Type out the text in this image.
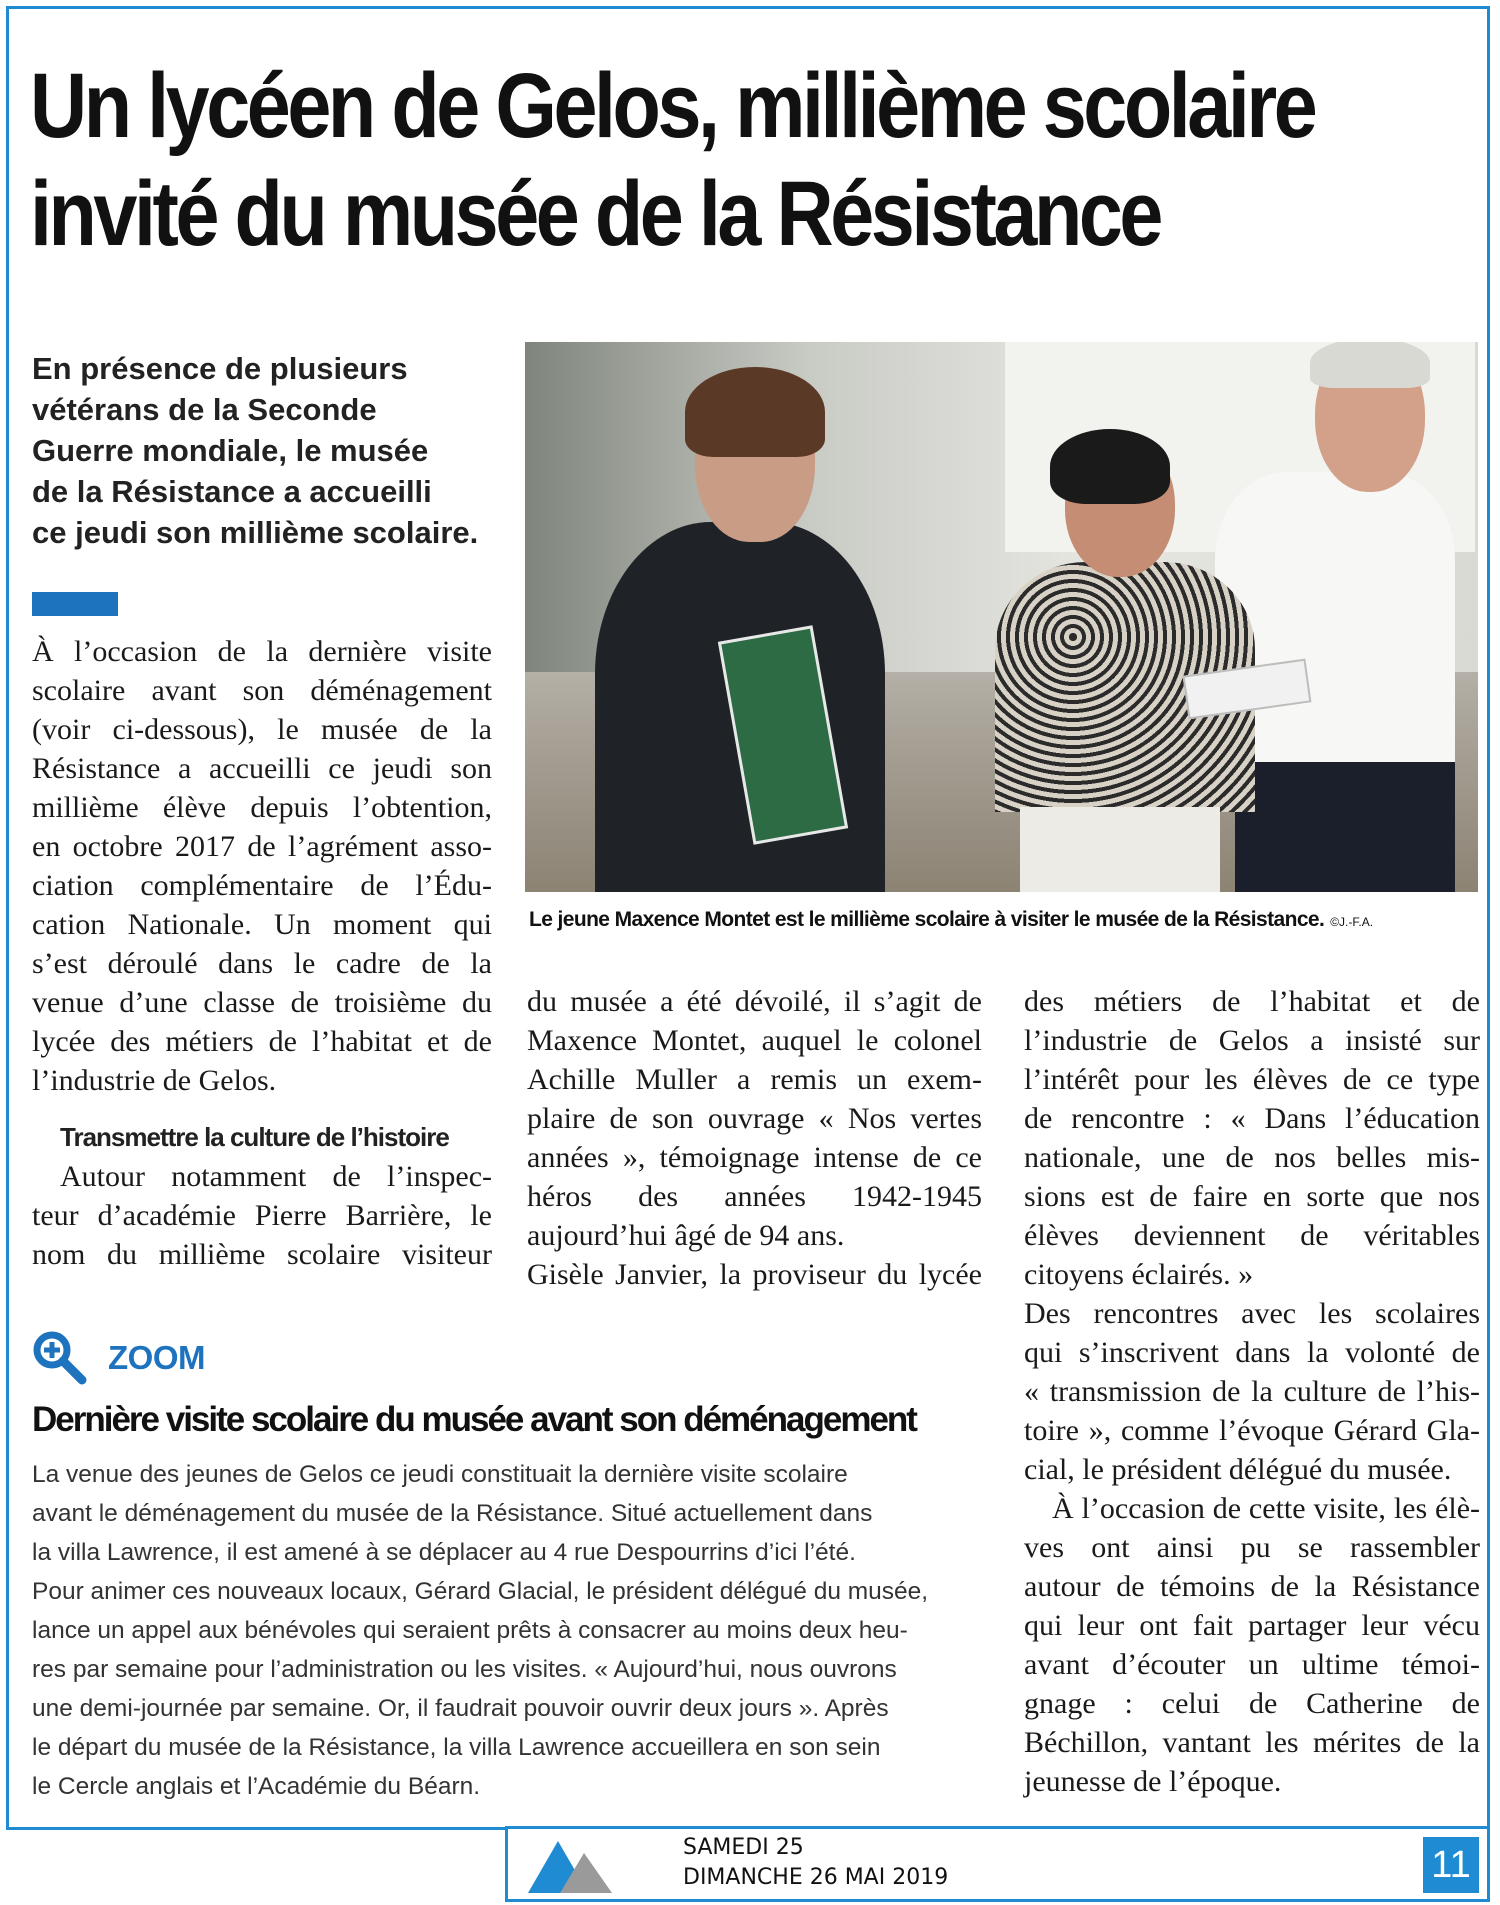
Un lycéen de Gelos, millième scolaire
invité du musée de la Résistance
En présence de plusieurs
vétérans de la Seconde
Guerre mondiale, le musée
de la Résistance a accueilli
ce jeudi son millième scolaire.
À l’occasion de la dernière visite
scolaire avant son déménagement
(voir ci-dessous), le musée de la
Résistance a accueilli ce jeudi son
millième élève depuis l’obtention,
en octobre 2017 de l’agrément asso-
ciation complémentaire de l’Édu-
cation Nationale. Un moment qui
s’est déroulé dans le cadre de la
venue d’une classe de troisième du
lycée des métiers de l’habitat et de
l’industrie de Gelos.
Transmettre la culture de l’histoire
Autour notamment de l’inspec-
teur d’académie Pierre Barrière, le
nom du millième scolaire visiteur
Le jeune Maxence Montet est le millième scolaire à visiter le musée de la Résistance. ©J.-F.A.
du musée a été dévoilé, il s’agit de
Maxence Montet, auquel le colonel
Achille Muller a remis un exem-
plaire de son ouvrage « Nos vertes
années », témoignage intense de ce
héros des années 1942-1945
aujourd’hui âgé de 94 ans.
Gisèle Janvier, la proviseur du lycée
des métiers de l’habitat et de
l’industrie de Gelos a insisté sur
l’intérêt pour les élèves de ce type
de rencontre : « Dans l’éducation
nationale, une de nos belles mis-
sions est de faire en sorte que nos
élèves deviennent de véritables
citoyens éclairés. »
Des rencontres avec les scolaires
qui s’inscrivent dans la volonté de
« transmission de la culture de l’his-
toire », comme l’évoque Gérard Gla-
cial, le président délégué du musée.
À l’occasion de cette visite, les élè-
ves ont ainsi pu se rassembler
autour de témoins de la Résistance
qui leur ont fait partager leur vécu
avant d’écouter un ultime témoi-
gnage : celui de Catherine de
Béchillon, vantant les mérites de la
jeunesse de l’époque.
ZOOM
Dernière visite scolaire du musée avant son déménagement
La venue des jeunes de Gelos ce jeudi constituait la dernière visite scolaire
avant le déménagement du musée de la Résistance. Situé actuellement dans
la villa Lawrence, il est amené à se déplacer au 4 rue Despourrins d’ici l’été.
Pour animer ces nouveaux locaux, Gérard Glacial, le président délégué du musée,
lance un appel aux bénévoles qui seraient prêts à consacrer au moins deux heu-
res par semaine pour l’administration ou les visites. « Aujourd’hui, nous ouvrons
une demi-journée par semaine. Or, il faudrait pouvoir ouvrir deux jours ». Après
le départ du musée de la Résistance, la villa Lawrence accueillera en son sein
le Cercle anglais et l’Académie du Béarn.
SAMEDI 25
DIMANCHE 26 MAI 2019	11
